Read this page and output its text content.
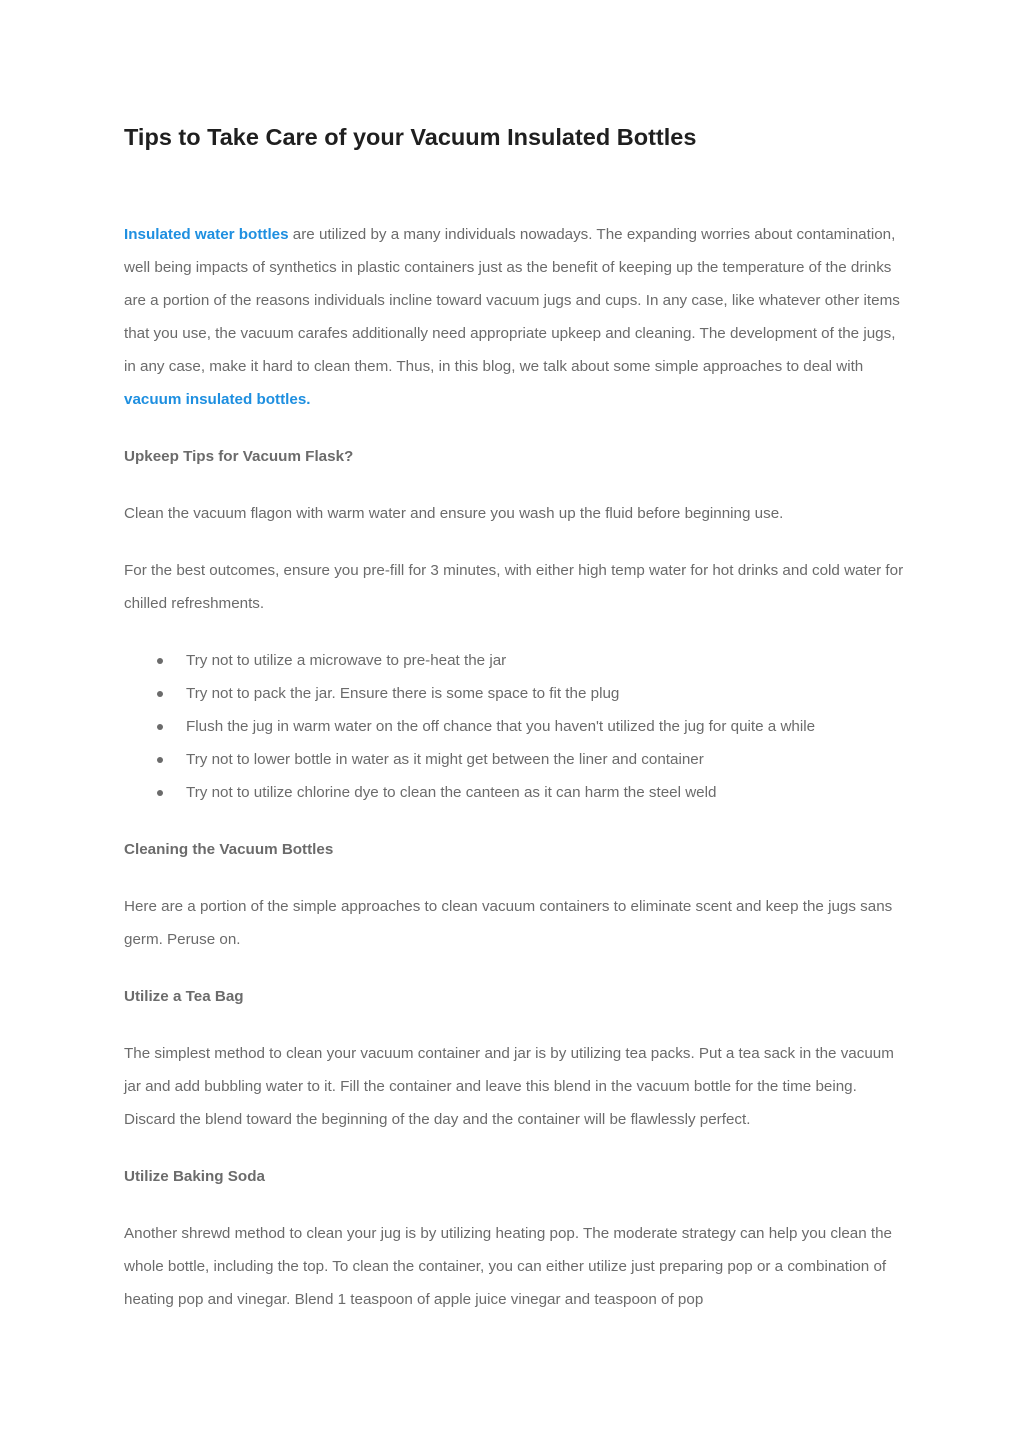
Tips to Take Care of your Vacuum Insulated Bottles

Insulated water bottles are utilized by a many individuals nowadays. The expanding worries about contamination, well being impacts of synthetics in plastic containers just as the benefit of keeping up the temperature of the drinks are a portion of the reasons individuals incline toward vacuum jugs and cups. In any case, like whatever other items that you use, the vacuum carafes additionally need appropriate upkeep and cleaning. The development of the jugs, in any case, make it hard to clean them. Thus, in this blog, we talk about some simple approaches to deal with vacuum insulated bottles.

Upkeep Tips for Vacuum Flask?

Clean the vacuum flagon with warm water and ensure you wash up the fluid before beginning use.

For the best outcomes, ensure you pre-fill for 3 minutes, with either high temp water for hot drinks and cold water for chilled refreshments.

Try not to utilize a microwave to pre-heat the jar
Try not to pack the jar. Ensure there is some space to fit the plug
Flush the jug in warm water on the off chance that you haven't utilized the jug for quite a while
Try not to lower bottle in water as it might get between the liner and container
Try not to utilize chlorine dye to clean the canteen as it can harm the steel weld

Cleaning the Vacuum Bottles

Here are a portion of the simple approaches to clean vacuum containers to eliminate scent and keep the jugs sans germ. Peruse on.

Utilize a Tea Bag

The simplest method to clean your vacuum container and jar is by utilizing tea packs. Put a tea sack in the vacuum jar and add bubbling water to it. Fill the container and leave this blend in the vacuum bottle for the time being. Discard the blend toward the beginning of the day and the container will be flawlessly perfect.

Utilize Baking Soda

Another shrewd method to clean your jug is by utilizing heating pop. The moderate strategy can help you clean the whole bottle, including the top. To clean the container, you can either utilize just preparing pop or a combination of heating pop and vinegar. Blend 1 teaspoon of apple juice vinegar and teaspoon of pop
